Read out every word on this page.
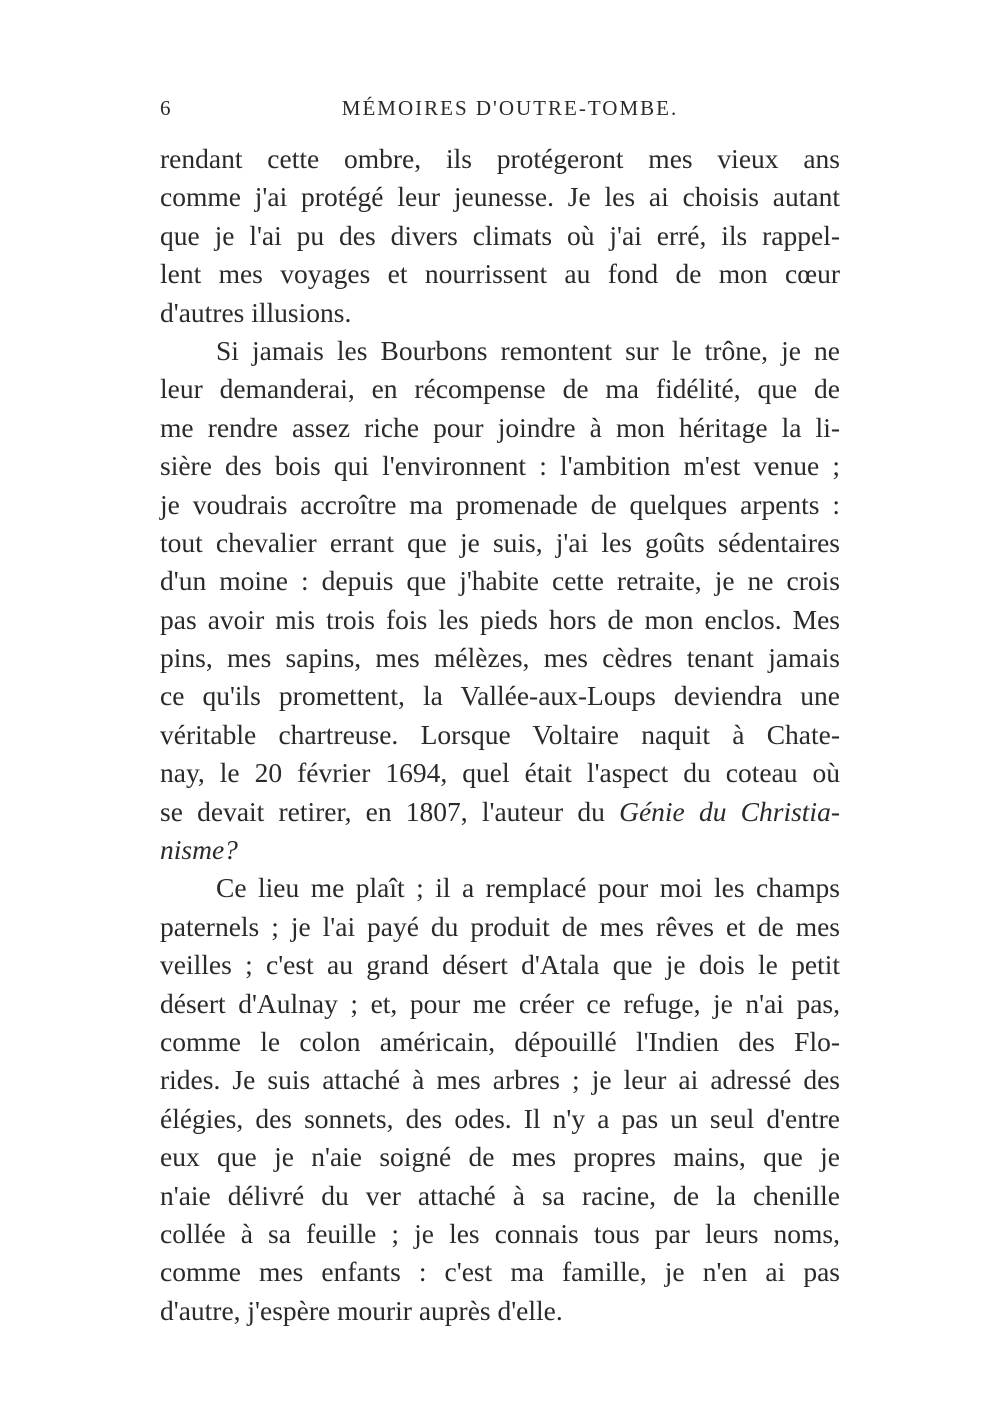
6	MÉMOIRES D'OUTRE-TOMBE.
rendant cette ombre, ils protégeront mes vieux ans
comme j'ai protégé leur jeunesse. Je les ai choisis autant
que je l'ai pu des divers climats où j'ai erré, ils rappel-
lent mes voyages et nourrissent au fond de mon cœur
d'autres illusions.
Si jamais les Bourbons remontent sur le trône, je ne
leur demanderai, en récompense de ma fidélité, que de
me rendre assez riche pour joindre à mon héritage la li-
sière des bois qui l'environnent : l'ambition m'est venue ;
je voudrais accroître ma promenade de quelques arpents :
tout chevalier errant que je suis, j'ai les goûts sédentaires
d'un moine : depuis que j'habite cette retraite, je ne crois
pas avoir mis trois fois les pieds hors de mon enclos. Mes
pins, mes sapins, mes mélèzes, mes cèdres tenant jamais
ce qu'ils promettent, la Vallée-aux-Loups deviendra une
véritable chartreuse. Lorsque Voltaire naquit à Chate-
nay, le 20 février 1694, quel était l'aspect du coteau où
se devait retirer, en 1807, l'auteur du Génie du Christia-
nisme?
Ce lieu me plaît ; il a remplacé pour moi les champs
paternels ; je l'ai payé du produit de mes rêves et de mes
veilles ; c'est au grand désert d'Atala que je dois le petit
désert d'Aulnay ; et, pour me créer ce refuge, je n'ai pas,
comme le colon américain, dépouillé l'Indien des Flo-
rides. Je suis attaché à mes arbres ; je leur ai adressé des
élégies, des sonnets, des odes. Il n'y a pas un seul d'entre
eux que je n'aie soigné de mes propres mains, que je
n'aie délivré du ver attaché à sa racine, de la chenille
collée à sa feuille ; je les connais tous par leurs noms,
comme mes enfants : c'est ma famille, je n'en ai pas
d'autre, j'espère mourir auprès d'elle.
